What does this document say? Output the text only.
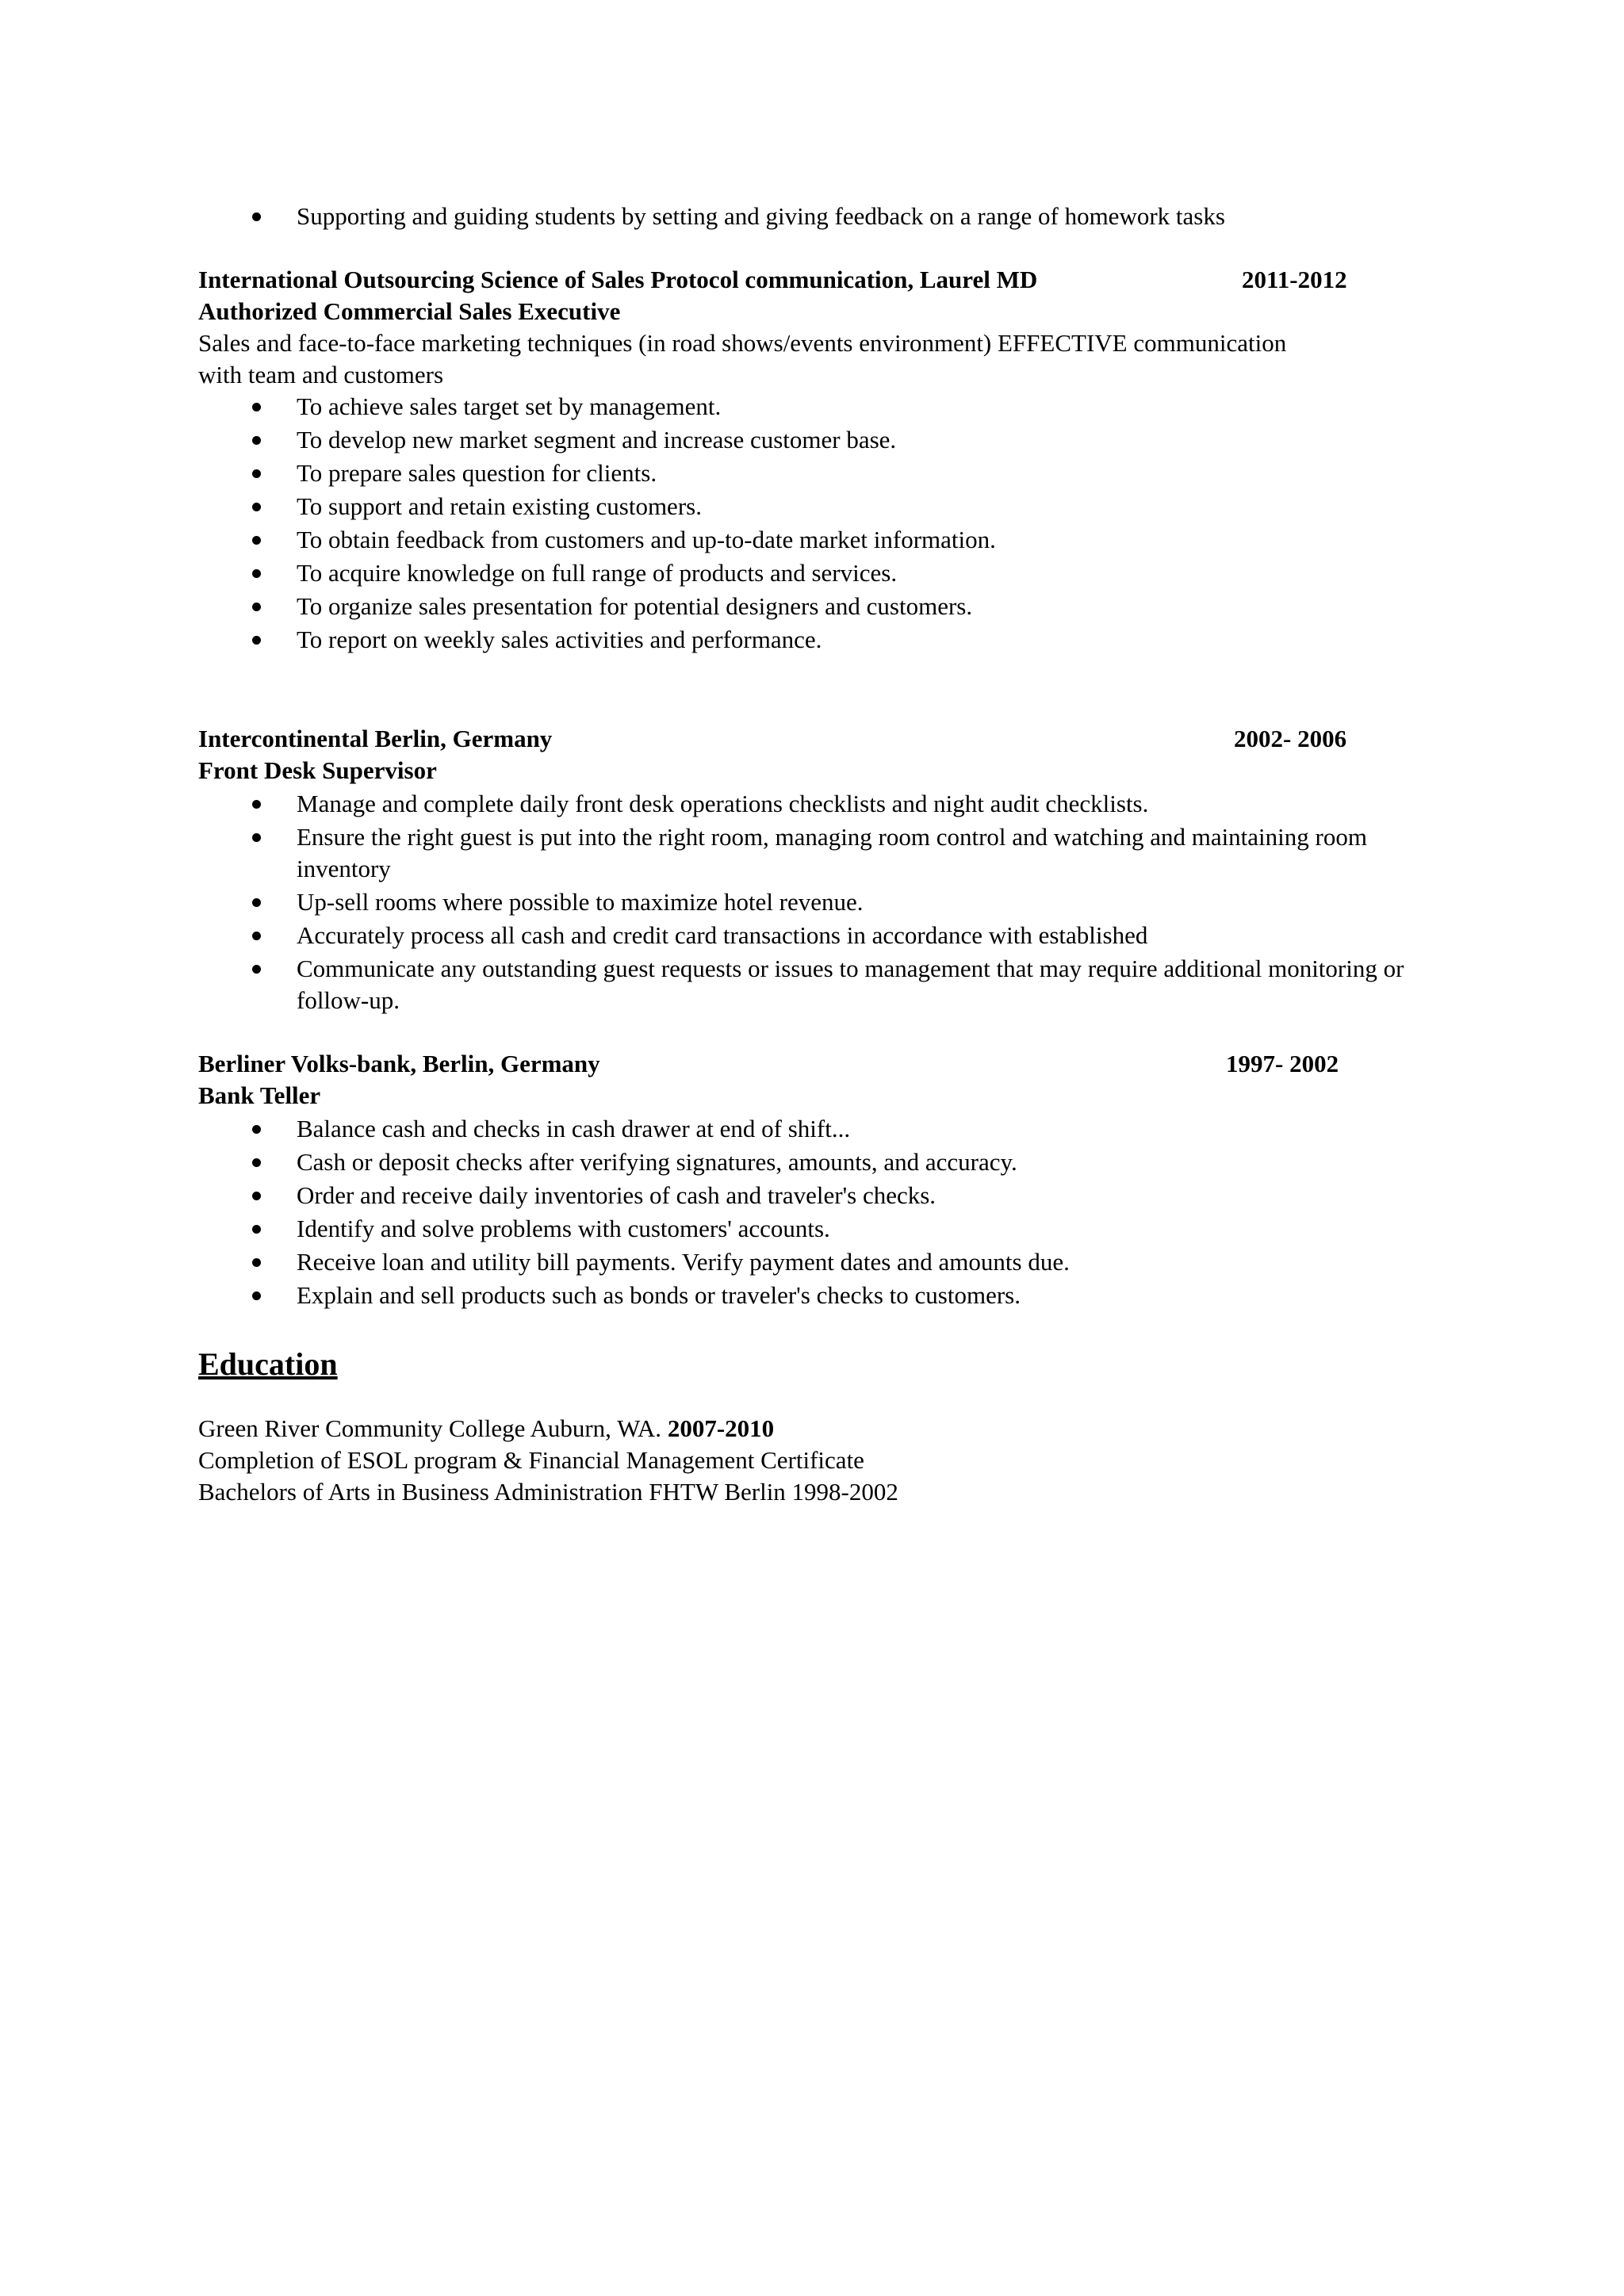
Supporting and guiding students by setting and giving feedback on a range of homework tasks
International Outsourcing Science of Sales Protocol communication, Laurel MD	2011-2012
Authorized Commercial Sales Executive
Sales and face-to-face marketing techniques (in road shows/events environment) EFFECTIVE communication
with team and customers
To achieve sales target set by management.
To develop new market segment and increase customer base.
To prepare sales question for clients.
To support and retain existing customers.
To obtain feedback from customers and up-to-date market information.
To acquire knowledge on full range of products and services.
To organize sales presentation for potential designers and customers.
To report on weekly sales activities and performance.
Intercontinental Berlin, Germany	2002- 2006
Front Desk Supervisor
Manage and complete daily front desk operations checklists and night audit checklists.
Ensure the right guest is put into the right room, managing room control and watching and maintaining room inventory
Up-sell rooms where possible to maximize hotel revenue.
Accurately process all cash and credit card transactions in accordance with established
Communicate any outstanding guest requests or issues to management that may require additional monitoring or follow-up.
Berliner Volks-bank, Berlin, Germany	1997- 2002
Bank Teller
Balance cash and checks in cash drawer at end of shift...
Cash or deposit checks after verifying signatures, amounts, and accuracy.
Order and receive daily inventories of cash and traveler's checks.
Identify and solve problems with customers' accounts.
Receive loan and utility bill payments. Verify payment dates and amounts due.
Explain and sell products such as bonds or traveler's checks to customers.
Education
Green River Community College Auburn, WA. 2007-2010
Completion of ESOL program & Financial Management Certificate
Bachelors of Arts in Business Administration FHTW Berlin 1998-2002
